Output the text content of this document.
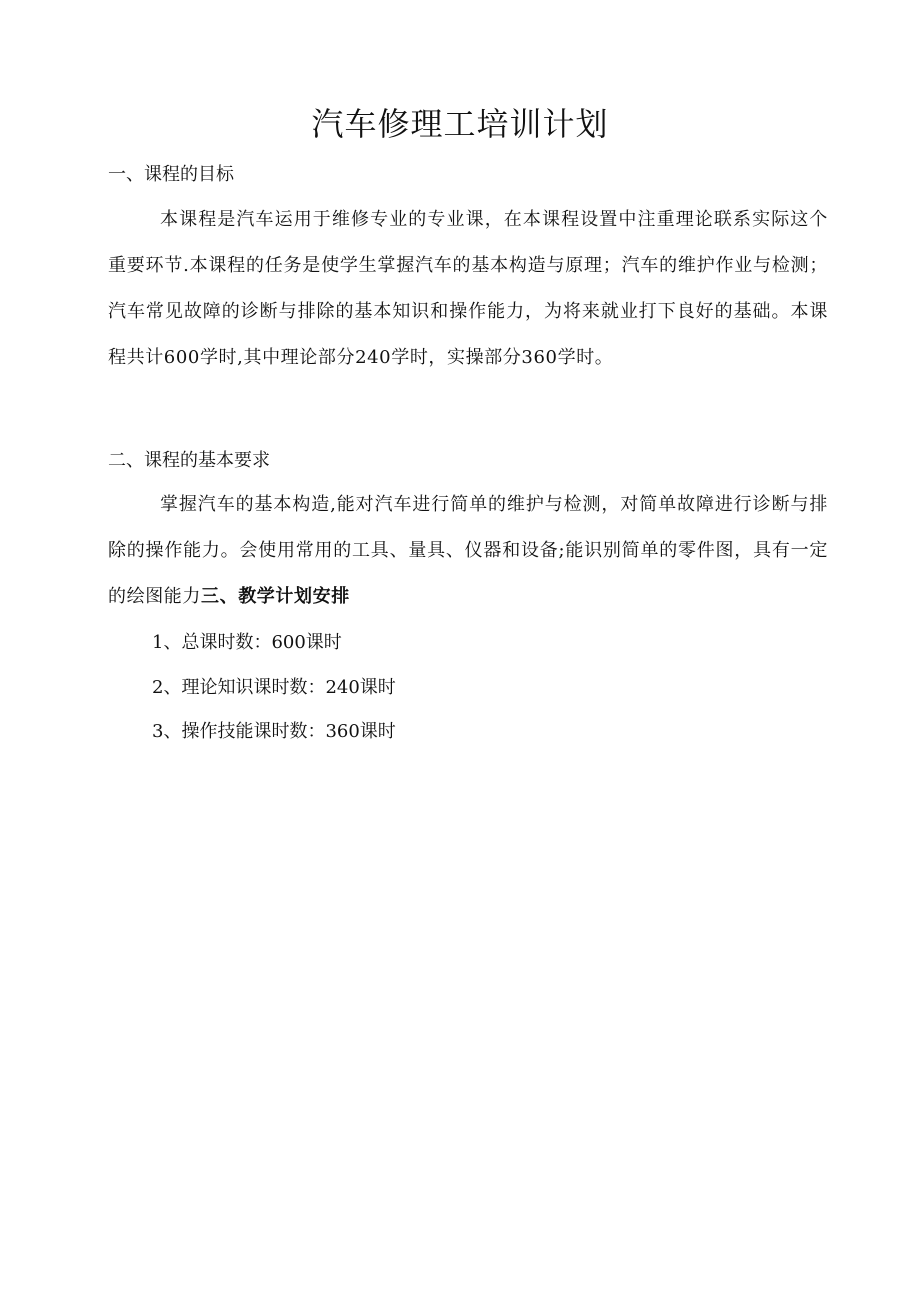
汽车修理工培训计划
一、课程的目标
本课程是汽车运用于维修专业的专业课，在本课程设置中注重理论联系实际这个重要环节.本课程的任务是使学生掌握汽车的基本构造与原理；汽车的维护作业与检测；汽车常见故障的诊断与排除的基本知识和操作能力，为将来就业打下良好的基础。本课程共计600学时,其中理论部分240学时，实操部分360学时。
二、课程的基本要求
掌握汽车的基本构造,能对汽车进行简单的维护与检测，对简单故障进行诊断与排除的操作能力。会使用常用的工具、量具、仪器和设备;能识别简单的零件图，具有一定的绘图能力三、教学计划安排
1、总课时数：600课时
2、理论知识课时数：240课时
3、操作技能课时数：360课时
